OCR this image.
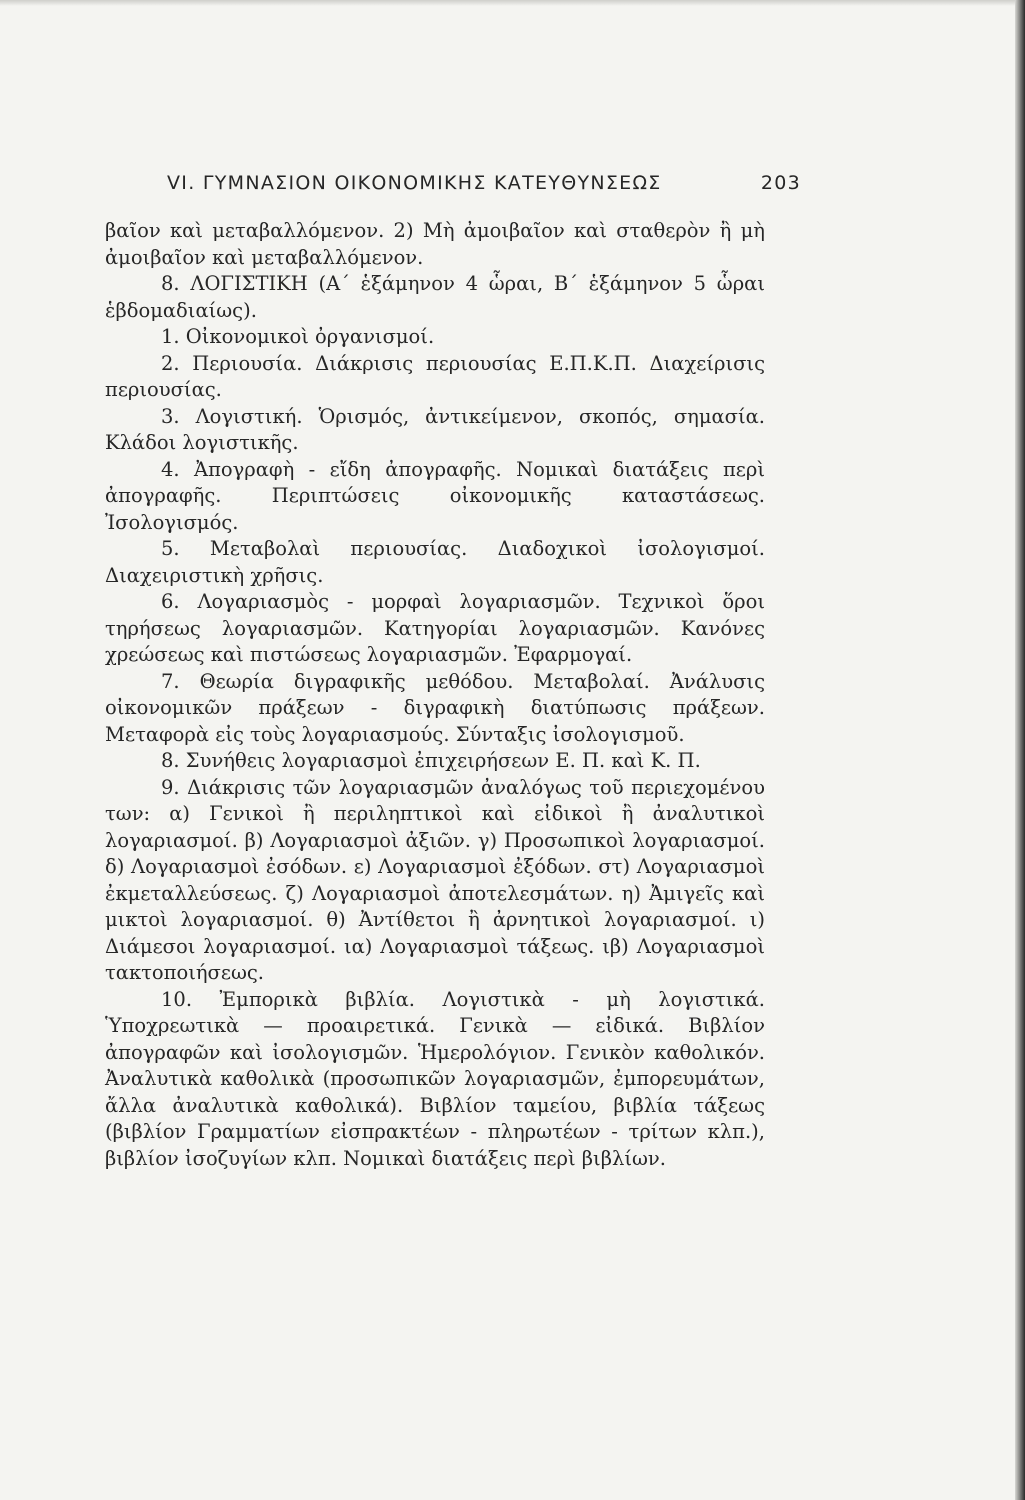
VI. ΓΥΜΝΑΣΙΟΝ ΟΙΚΟΝΟΜΙΚΗΣ ΚΑΤΕΥΘΥΝΣΕΩΣ	203

βαῖον καὶ μεταβαλλόμενον. 2) Μὴ ἀμοιβαῖον καὶ σταθερὸν ἢ μὴ ἀμοιβαῖον καὶ μεταβαλλόμενον.

8. ΛΟΓΙΣΤΙΚΗ (Α΄ ἑξάμηνον 4 ὧραι, Β΄ ἑξάμηνον 5 ὧραι ἑβδομαδιαίως).

1. Οἰκονομικοὶ ὀργανισμοί.

2. Περιουσία. Διάκρισις περιουσίας Ε.Π.Κ.Π. Διαχείρισις περιουσίας.

3. Λογιστική. Ὁρισμός, ἀντικείμενον, σκοπός, σημασία. Κλάδοι λογιστικῆς.

4. Ἀπογραφὴ - εἴδη ἀπογραφῆς. Νομικαὶ διατάξεις περὶ ἀπογραφῆς. Περιπτώσεις οἰκονομικῆς καταστάσεως. Ἰσολογισμός.

5. Μεταβολαὶ περιουσίας. Διαδοχικοὶ ἰσολογισμοί. Διαχειριστικὴ χρῆσις.

6. Λογαριασμὸς - μορφαὶ λογαριασμῶν. Τεχνικοὶ ὅροι τηρήσεως λογαριασμῶν. Κατηγορίαι λογαριασμῶν. Κανόνες χρεώσεως καὶ πιστώσεως λογαριασμῶν. Ἐφαρμογαί.

7. Θεωρία διγραφικῆς μεθόδου. Μεταβολαί. Ἀνάλυσις οἰκονομικῶν πράξεων - διγραφικὴ διατύπωσις πράξεων. Μεταφορὰ εἰς τοὺς λογαριασμούς. Σύνταξις ἰσολογισμοῦ.

8. Συνήθεις λογαριασμοὶ ἐπιχειρήσεων Ε. Π. καὶ Κ. Π.

9. Διάκρισις τῶν λογαριασμῶν ἀναλόγως τοῦ περιεχομένου των: α) Γενικοὶ ἢ περιληπτικοὶ καὶ εἰδικοὶ ἢ ἀναλυτικοὶ λογαριασμοί. β) Λογαριασμοὶ ἀξιῶν. γ) Προσωπικοὶ λογαριασμοί. δ) Λογαριασμοὶ ἐσόδων. ε) Λογαριασμοὶ ἐξόδων. στ) Λογαριασμοὶ ἐκμεταλλεύσεως. ζ) Λογαριασμοὶ ἀποτελεσμάτων. η) Ἀμιγεῖς καὶ μικτοὶ λογαριασμοί. θ) Ἀντίθετοι ἢ ἀρνητικοὶ λογαριασμοί. ι) Διάμεσοι λογαριασμοί. ια) Λογαριασμοὶ τάξεως. ιβ) Λογαριασμοὶ τακτοποιήσεως.

10. Ἐμπορικὰ βιβλία. Λογιστικὰ - μὴ λογιστικά. Ὑποχρεωτικὰ — προαιρετικά. Γενικὰ — εἰδικά. Βιβλίον ἀπογραφῶν καὶ ἰσολογισμῶν. Ἡμερολόγιον. Γενικὸν καθολικόν. Ἀναλυτικὰ καθολικὰ (προσωπικῶν λογαριασμῶν, ἐμπορευμάτων, ἄλλα ἀναλυτικὰ καθολικά). Βιβλίον ταμείου, βιβλία τάξεως (βιβλίον Γραμματίων εἰσπρακτέων - πληρωτέων - τρίτων κλπ.), βιβλίον ἰσοζυγίων κλπ. Νομικαὶ διατάξεις περὶ βιβλίων.
